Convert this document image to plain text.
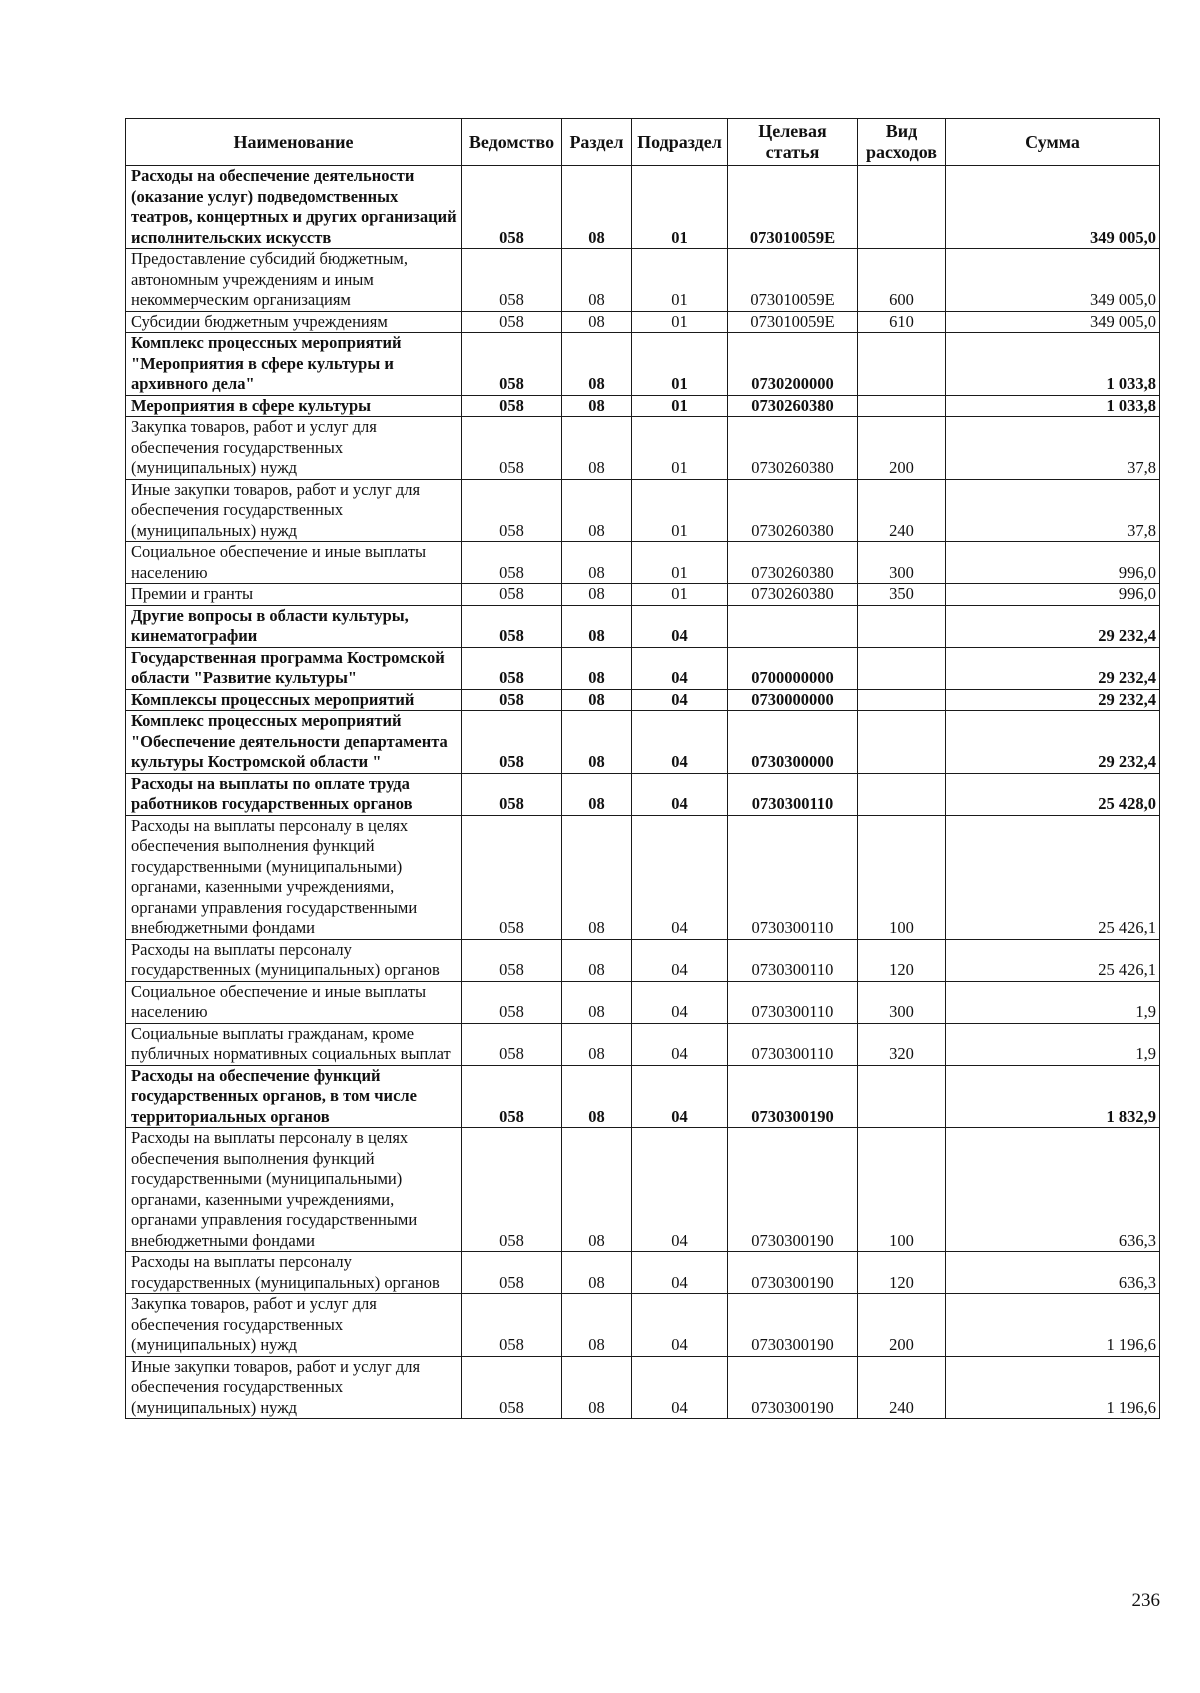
Наименование	Ведомство	Раздел	Подраздел	Целевая статья	Вид расходов	Сумма
Расходы на обеспечение деятельности (оказание услуг) подведомственных театров, концертных и других организаций исполнительских искусств	058	08	01	073010059Е		349 005,0
Предоставление субсидий бюджетным, автономным учреждениям и иным некоммерческим организациям	058	08	01	073010059Е	600	349 005,0
Субсидии бюджетным учреждениям	058	08	01	073010059Е	610	349 005,0
Комплекс процессных мероприятий "Мероприятия в сфере культуры и архивного дела"	058	08	01	0730200000		1 033,8
Мероприятия в сфере культуры	058	08	01	0730260380		1 033,8
Закупка товаров, работ и услуг для обеспечения государственных (муниципальных) нужд	058	08	01	0730260380	200	37,8
Иные закупки товаров, работ и услуг для обеспечения государственных (муниципальных) нужд	058	08	01	0730260380	240	37,8
Социальное обеспечение и иные выплаты населению	058	08	01	0730260380	300	996,0
Премии и гранты	058	08	01	0730260380	350	996,0
Другие вопросы в области культуры, кинематографии	058	08	04			29 232,4
Государственная программа Костромской области "Развитие культуры"	058	08	04	0700000000		29 232,4
Комплексы процессных мероприятий	058	08	04	0730000000		29 232,4
Комплекс процессных мероприятий "Обеспечение деятельности департамента культуры Костромской области "	058	08	04	0730300000		29 232,4
Расходы на выплаты по оплате труда работников государственных органов	058	08	04	0730300110		25 428,0
Расходы на выплаты персоналу в целях обеспечения выполнения функций государственными (муниципальными) органами, казенными учреждениями, органами управления государственными внебюджетными фондами	058	08	04	0730300110	100	25 426,1
Расходы на выплаты персоналу государственных (муниципальных) органов	058	08	04	0730300110	120	25 426,1
Социальное обеспечение и иные выплаты населению	058	08	04	0730300110	300	1,9
Социальные выплаты гражданам, кроме публичных нормативных социальных выплат	058	08	04	0730300110	320	1,9
Расходы на обеспечение функций государственных органов, в том числе территориальных органов	058	08	04	0730300190		1 832,9
Расходы на выплаты персоналу в целях обеспечения выполнения функций государственными (муниципальными) органами, казенными учреждениями, органами управления государственными внебюджетными фондами	058	08	04	0730300190	100	636,3
Расходы на выплаты персоналу государственных (муниципальных) органов	058	08	04	0730300190	120	636,3
Закупка товаров, работ и услуг для обеспечения государственных (муниципальных) нужд	058	08	04	0730300190	200	1 196,6
Иные закупки товаров, работ и услуг для обеспечения государственных (муниципальных) нужд	058	08	04	0730300190	240	1 196,6
236
